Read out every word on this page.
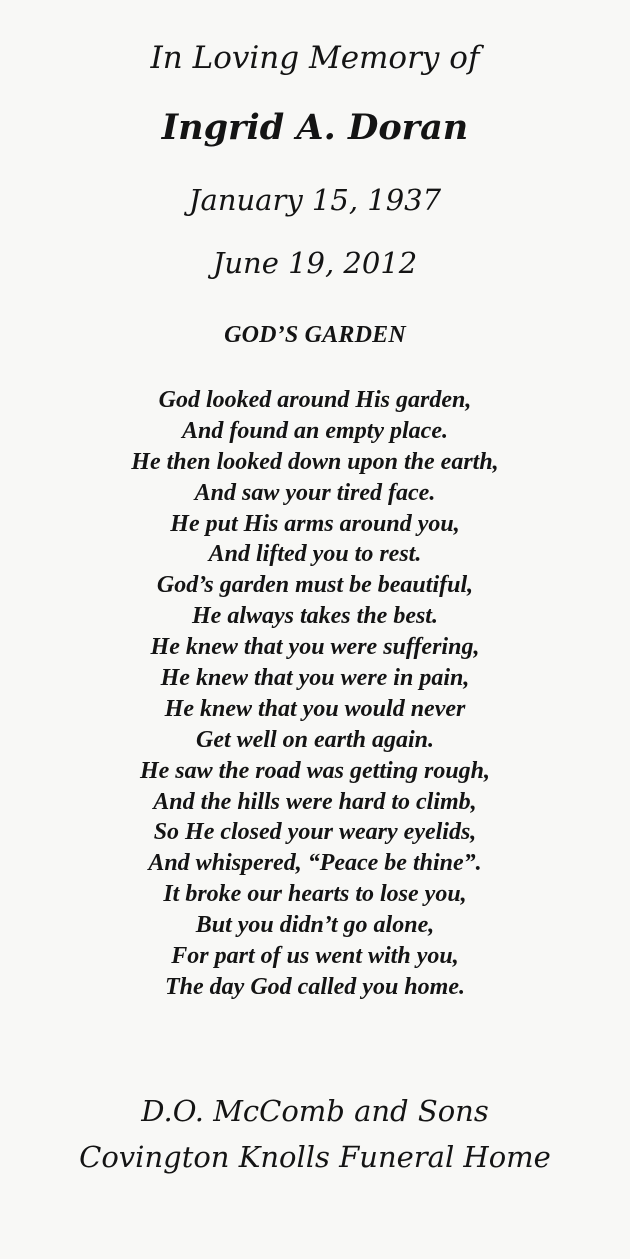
In Loving Memory of
Ingrid A. Doran
January 15, 1937
June 19, 2012
GOD’S GARDEN
God looked around His garden,
And found an empty place.
He then looked down upon the earth,
And saw your tired face.
He put His arms around you,
And lifted you to rest.
God’s garden must be beautiful,
He always takes the best.
He knew that you were suffering,
He knew that you were in pain,
He knew that you would never
Get well on earth again.
He saw the road was getting rough,
And the hills were hard to climb,
So He closed your weary eyelids,
And whispered, “Peace be thine”.
It broke our hearts to lose you,
But you didn’t go alone,
For part of us went with you,
The day God called you home.
D.O. McComb and Sons
Covington Knolls Funeral Home
